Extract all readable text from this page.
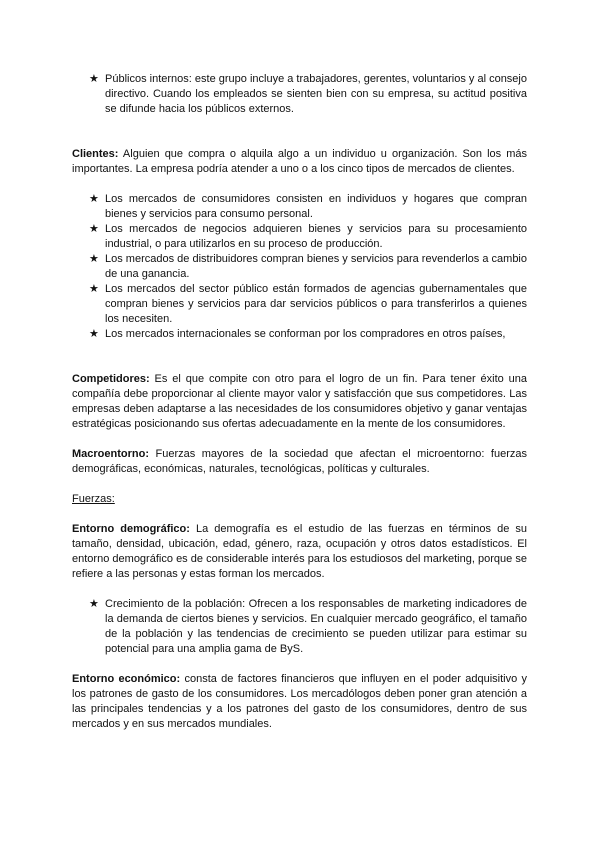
★ Públicos internos: este grupo incluye a trabajadores, gerentes, voluntarios y al consejo directivo. Cuando los empleados se sienten bien con su empresa, su actitud positiva se difunde hacia los públicos externos.

Clientes: Alguien que compra o alquila algo a un individuo u organización. Son los más importantes. La empresa podría atender a uno o a los cinco tipos de mercados de clientes.

★ Los mercados de consumidores consisten en individuos y hogares que compran bienes y servicios para consumo personal.
★ Los mercados de negocios adquieren bienes y servicios para su procesamiento industrial, o para utilizarlos en su proceso de producción.
★ Los mercados de distribuidores compran bienes y servicios para revenderlos a cambio de una ganancia.
★ Los mercados del sector público están formados de agencias gubernamentales que compran bienes y servicios para dar servicios públicos o para transferirlos a quienes los necesiten.
★ Los mercados internacionales se conforman por los compradores en otros países,

Competidores: Es el que compite con otro para el logro de un fin. Para tener éxito una compañía debe proporcionar al cliente mayor valor y satisfacción que sus competidores. Las empresas deben adaptarse a las necesidades de los consumidores objetivo y ganar ventajas estratégicas posicionando sus ofertas adecuadamente en la mente de los consumidores.

Macroentorno: Fuerzas mayores de la sociedad que afectan el microentorno: fuerzas demográficas, económicas, naturales, tecnológicas, políticas y culturales.

Fuerzas:

Entorno demográfico: La demografía es el estudio de las fuerzas en términos de su tamaño, densidad, ubicación, edad, género, raza, ocupación y otros datos estadísticos. El entorno demográfico es de considerable interés para los estudiosos del marketing, porque se refiere a las personas y estas forman los mercados.

★ Crecimiento de la población: Ofrecen a los responsables de marketing indicadores de la demanda de ciertos bienes y servicios. En cualquier mercado geográfico, el tamaño de la población y las tendencias de crecimiento se pueden utilizar para estimar su potencial para una amplia gama de ByS.

Entorno económico: consta de factores financieros que influyen en el poder adquisitivo y los patrones de gasto de los consumidores. Los mercadólogos deben poner gran atención a las principales tendencias y a los patrones del gasto de los consumidores, dentro de sus mercados y en sus mercados mundiales.
